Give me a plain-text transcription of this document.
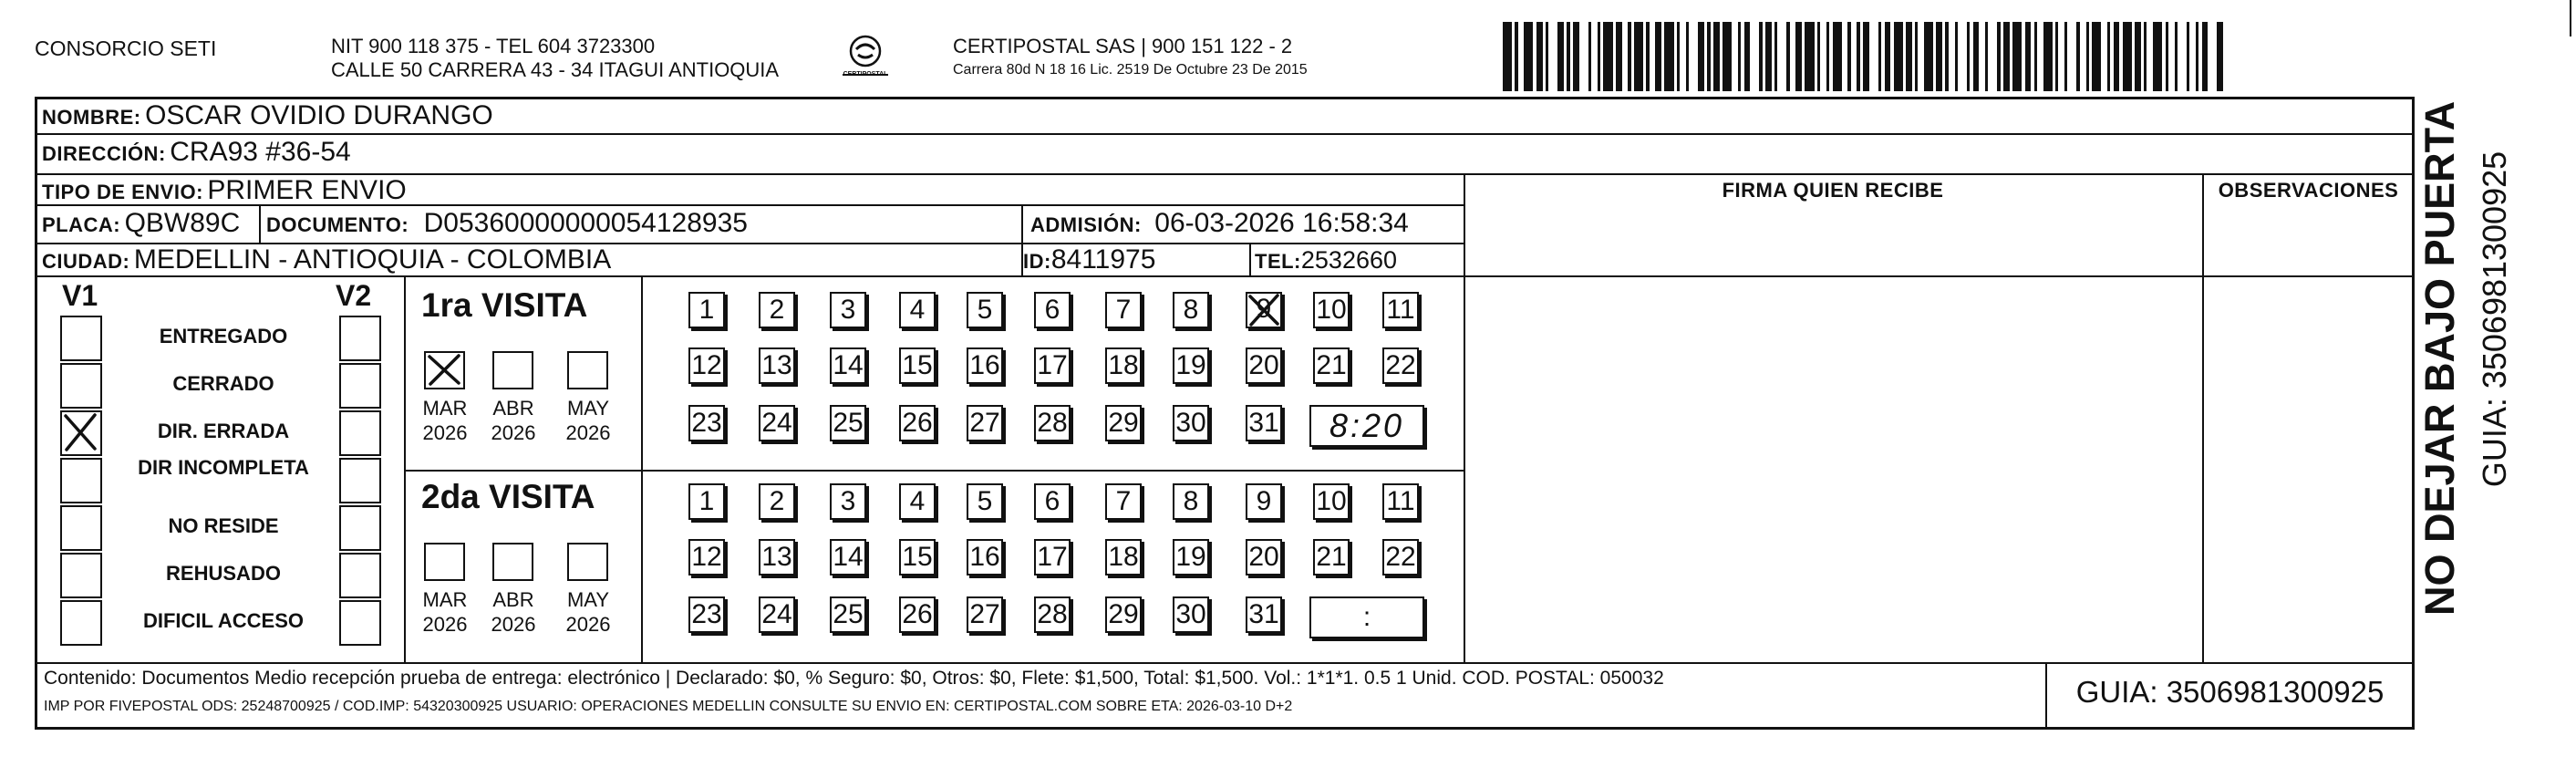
CONSORCIO SETI	NIT 900 118 375 - TEL 604 3723300
CALLE 50 CARRERA 43 - 34 ITAGUI ANTIOQUIA	CERTIPOSTAL
CERTIPOSTAL SAS | 900 151 122 - 2
Carrera 80d N 18 16 Lic. 2519 De Octubre 23 De 2015
NOMBRE: OSCAR OVIDIO DURANGO
DIRECCIÓN: CRA93 #36-54
TIPO DE ENVIO: PRIMER ENVIO
PLACA: QBW89C DOCUMENTO: D05360000000054128935	ADMISIÓN: 06-03-2026 16:58:34
CIUDAD: MEDELLIN - ANTIOQUIA - COLOMBIA	ID:8411975	TEL:2532660
FIRMA QUIEN RECIBE	OBSERVACIONES
V1	V2 1ra VISITA
2da VISITA
Contenido: Documentos Medio recepción prueba de entrega: electrónico | Declarado: $0, % Seguro: $0, Otros: $0, Flete: $1,500, Total: $1,500. Vol.: 1*1*1. 0.5 1 Unid. COD. POSTAL: 050032
IMP POR FIVEPOSTAL ODS: 25248700925 / COD.IMP: 54320300925 USUARIO: OPERACIONES MEDELLIN CONSULTE SU ENVIO EN: CERTIPOSTAL.COM SOBRE ETA: 2026-03-10 D+2	GUIA: 3506981300925
NO DEJAR BAJO PUERTA GUIA: 3506981300925
ENTREGADO
CERRADO
DIR. ERRADA
DIR INCOMPLETA
NO RESIDE
REHUSADO
DIFICIL ACCESO
MAR
2026
ABR
2026
MAY
2026
1	2	3	4	5	6	7	8	9	10 11
12 13 14 15 16 17 18 19 20 21 22
23 24 25 26 27 28 29 30 31	8:20
MAR
2026
ABR
2026
MAY
2026
1	2	3	4	5	6	7	8	9	10 11
12 13 14 15 16 17 18 19 20 21 22
23 24 25 26 27 28 29 30 31	:
